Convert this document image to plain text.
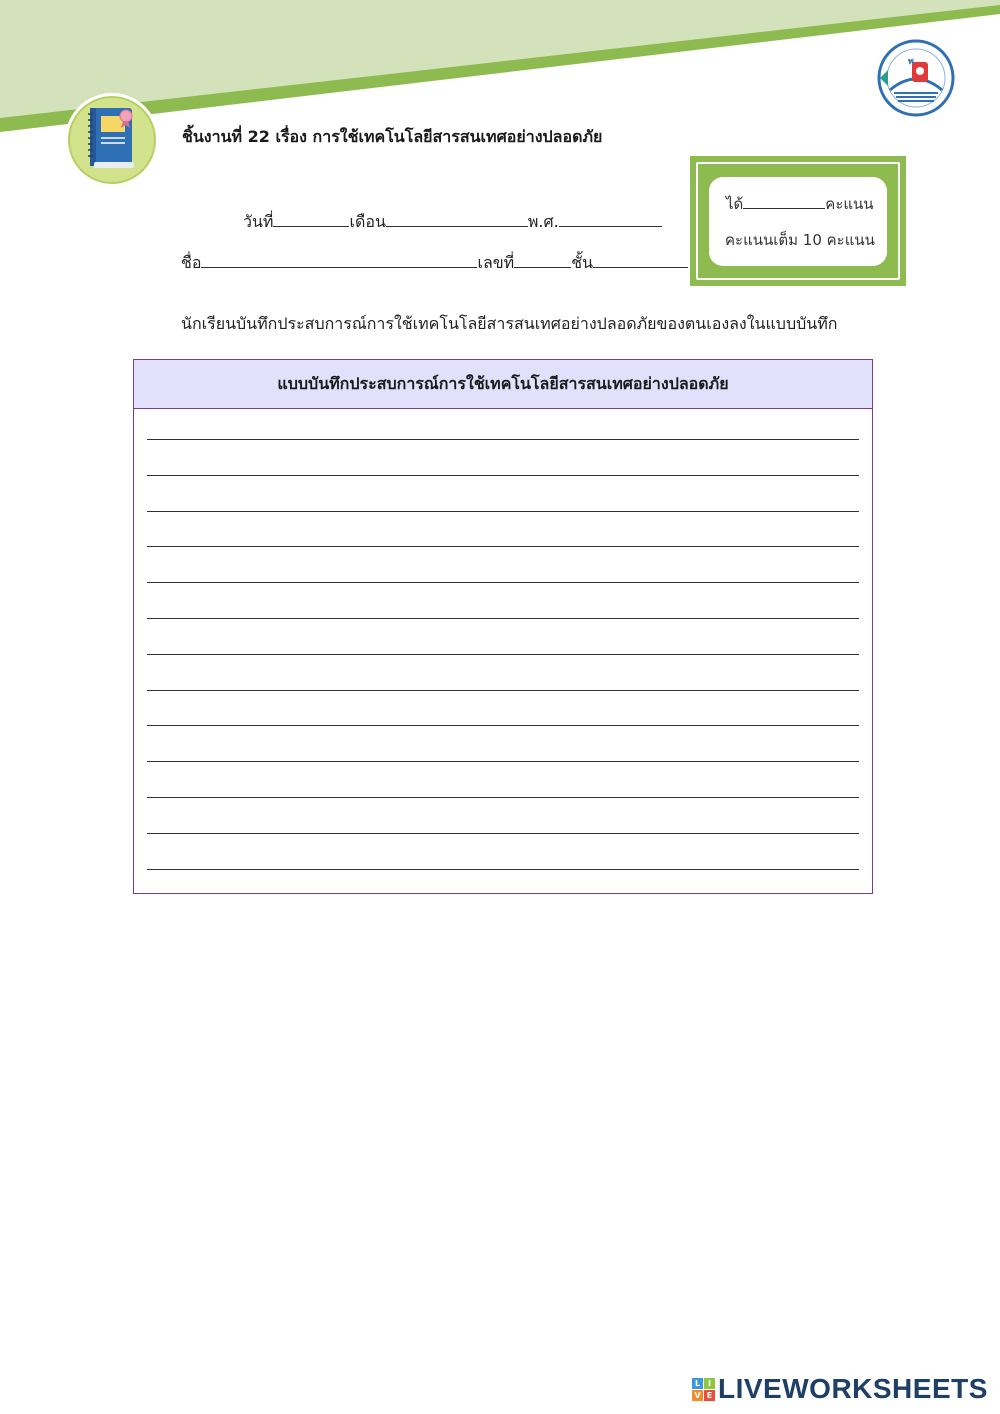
พ
ชิ้นงานที่ 22 เรื่อง การใช้เทคโนโลยีสารสนเทศอย่างปลอดภัย
วันที่	เดือน	พ.ศ.
ชื่อ	เลขที่	ชั้น
ได้	คะแนน
คะแนนเต็ม 10 คะแนน
นักเรียนบันทึกประสบการณ์การใช้เทคโนโลยีสารสนเทศอย่างปลอดภัยของตนเองลงในแบบบันทึก
แบบบันทึกประสบการณ์การใช้เทคโนโลยีสารสนเทศอย่างปลอดภัย
L I
V E LIVEWORKSHEETS
